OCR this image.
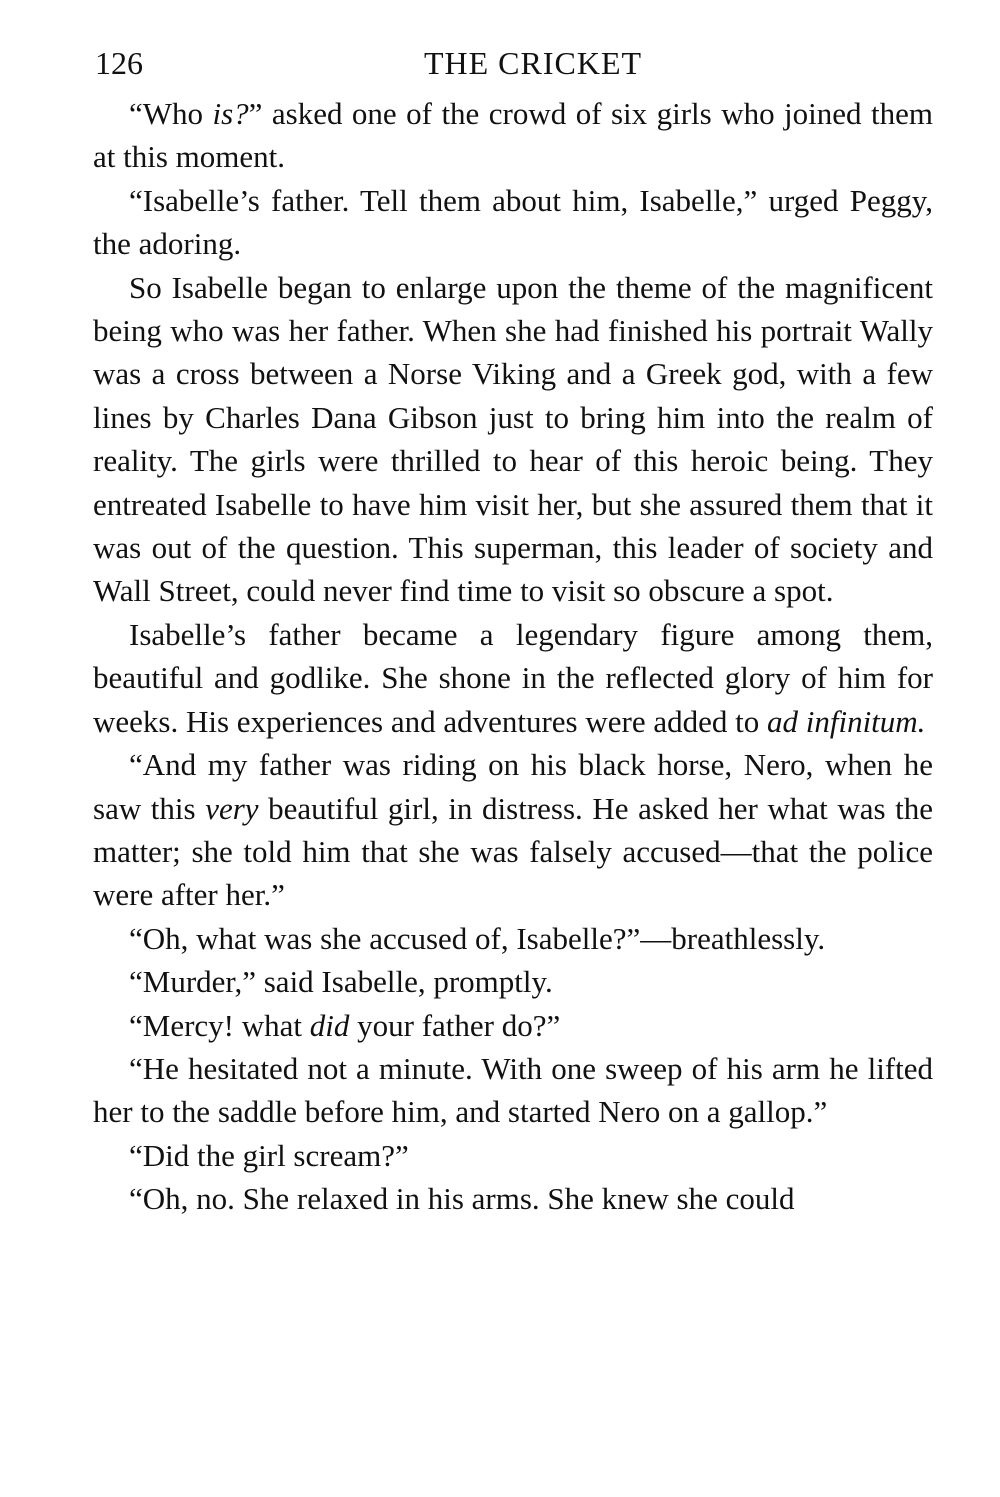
126	THE CRICKET

“Who is?” asked one of the crowd of six girls who joined them at this moment.

“Isabelle’s father. Tell them about him, Isabelle,” urged Peggy, the adoring.

So Isabelle began to enlarge upon the theme of the magnificent being who was her father. When she had finished his portrait Wally was a cross between a Norse Viking and a Greek god, with a few lines by Charles Dana Gibson just to bring him into the realm of reality. The girls were thrilled to hear of this heroic being. They entreated Isabelle to have him visit her, but she assured them that it was out of the question. This superman, this leader of society and Wall Street, could never find time to visit so obscure a spot.

Isabelle’s father became a legendary figure among them, beautiful and godlike. She shone in the reflected glory of him for weeks. His experiences and adventures were added to ad infinitum.

“And my father was riding on his black horse, Nero, when he saw this very beautiful girl, in distress. He asked her what was the matter; she told him that she was falsely accused—that the police were after her.”

“Oh, what was she accused of, Isabelle?”—breathlessly.

“Murder,” said Isabelle, promptly.

“Mercy! what did your father do?”

“He hesitated not a minute. With one sweep of his arm he lifted her to the saddle before him, and started Nero on a gallop.”

“Did the girl scream?”

“Oh, no. She relaxed in his arms. She knew she could
